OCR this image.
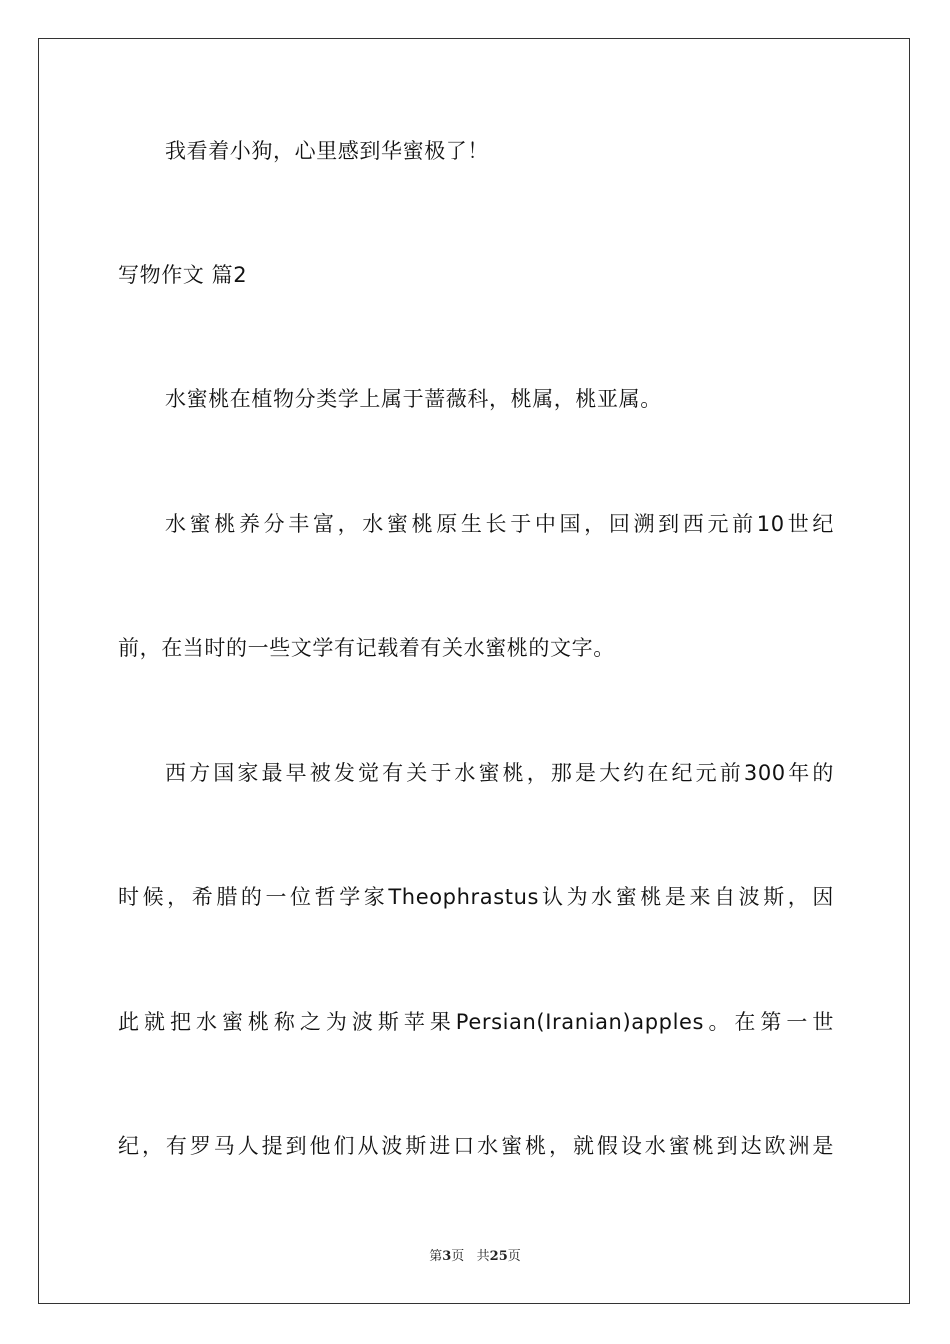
我看着小狗，心里感到华蜜极了！
写物作文 篇2
水蜜桃在植物分类学上属于蔷薇科，桃属，桃亚属。
水蜜桃养分丰富，水蜜桃原生长于中国，回溯到西元前10世纪
前，在当时的一些文学有记载着有关水蜜桃的文字。
西方国家最早被发觉有关于水蜜桃，那是大约在纪元前300年的
时候，希腊的一位哲学家Theophrastus认为水蜜桃是来自波斯，因
此就把水蜜桃称之为波斯苹果Persian(Iranian)apples。在第一世
纪，有罗马人提到他们从波斯进口水蜜桃，就假设水蜜桃到达欧洲是
第3页   共25页
